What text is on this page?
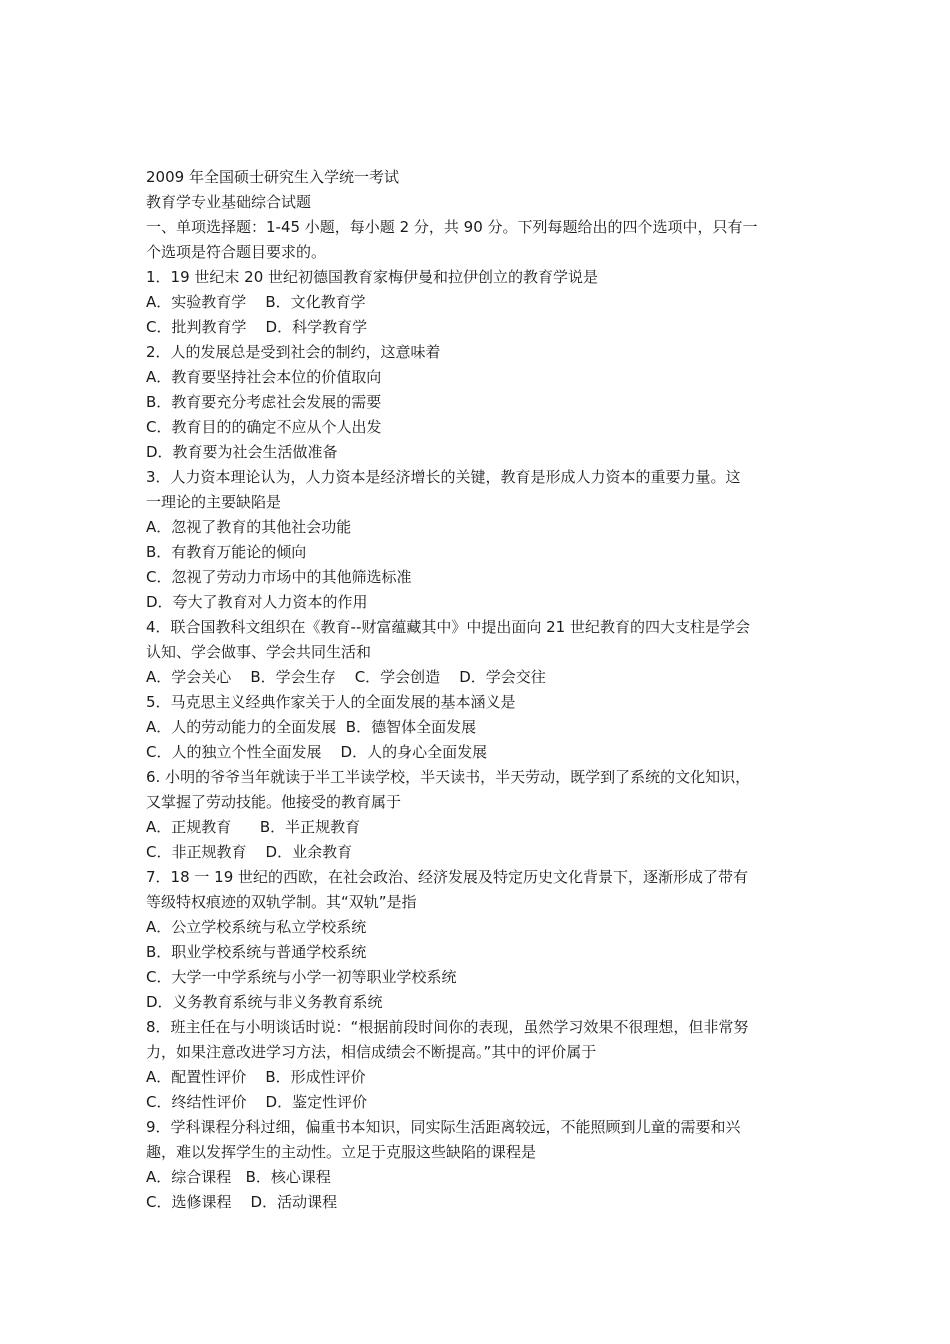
2009 年全国硕士研究生入学统一考试
教育学专业基础综合试题
一、单项选择题：1-45 小题，每小题 2 分，共 90 分。下列每题给出的四个选项中，只有一
个选项是符合题目要求的。
1．19 世纪末 20 世纪初德国教育家梅伊曼和拉伊创立的教育学说是
A．实验教育学    B．文化教育学
C．批判教育学    D．科学教育学
2．人的发展总是受到社会的制约，这意味着
A．教育要坚持社会本位的价值取向
B．教育要充分考虑社会发展的需要
C．教育目的的确定不应从个人出发
D．教育要为社会生活做准备
3．人力资本理论认为，人力资本是经济增长的关键，教育是形成人力资本的重要力量。这
一理论的主要缺陷是
A．忽视了教育的其他社会功能
B．有教育万能论的倾向
C．忽视了劳动力市场中的其他筛选标准
D．夸大了教育对人力资本的作用
4．联合国教科文组织在《教育--财富蕴藏其中》中提出面向 21 世纪教育的四大支柱是学会
认知、学会做事、学会共同生活和
A．学会关心    B．学会生存    C．学会创造    D．学会交往
5．马克思主义经典作家关于人的全面发展的基本涵义是
A．人的劳动能力的全面发展  B．德智体全面发展
C．人的独立个性全面发展    D．人的身心全面发展
6. 小明的爷爷当年就读于半工半读学校，半天读书，半天劳动，既学到了系统的文化知识，
又掌握了劳动技能。他接受的教育属于
A．正规教育      B．半正规教育
C．非正规教育    D．业余教育
7．18 一 19 世纪的西欧，在社会政治、经济发展及特定历史文化背景下，逐渐形成了带有
等级特权痕迹的双轨学制。其“双轨”是指
A．公立学校系统与私立学校系统
B．职业学校系统与普通学校系统
C．大学一中学系统与小学一初等职业学校系统
D．义务教育系统与非义务教育系统
8．班主任在与小明谈话时说：“根据前段时间你的表现，虽然学习效果不很理想，但非常努
力，如果注意改进学习方法，相信成绩会不断提高。”其中的评价属于
A．配置性评价    B．形成性评价
C．终结性评价    D．鉴定性评价
9．学科课程分科过细，偏重书本知识，同实际生活距离较远，不能照顾到儿童的需要和兴
趣，难以发挥学生的主动性。立足于克服这些缺陷的课程是
A．综合课程   B．核心课程
C．选修课程    D．活动课程
